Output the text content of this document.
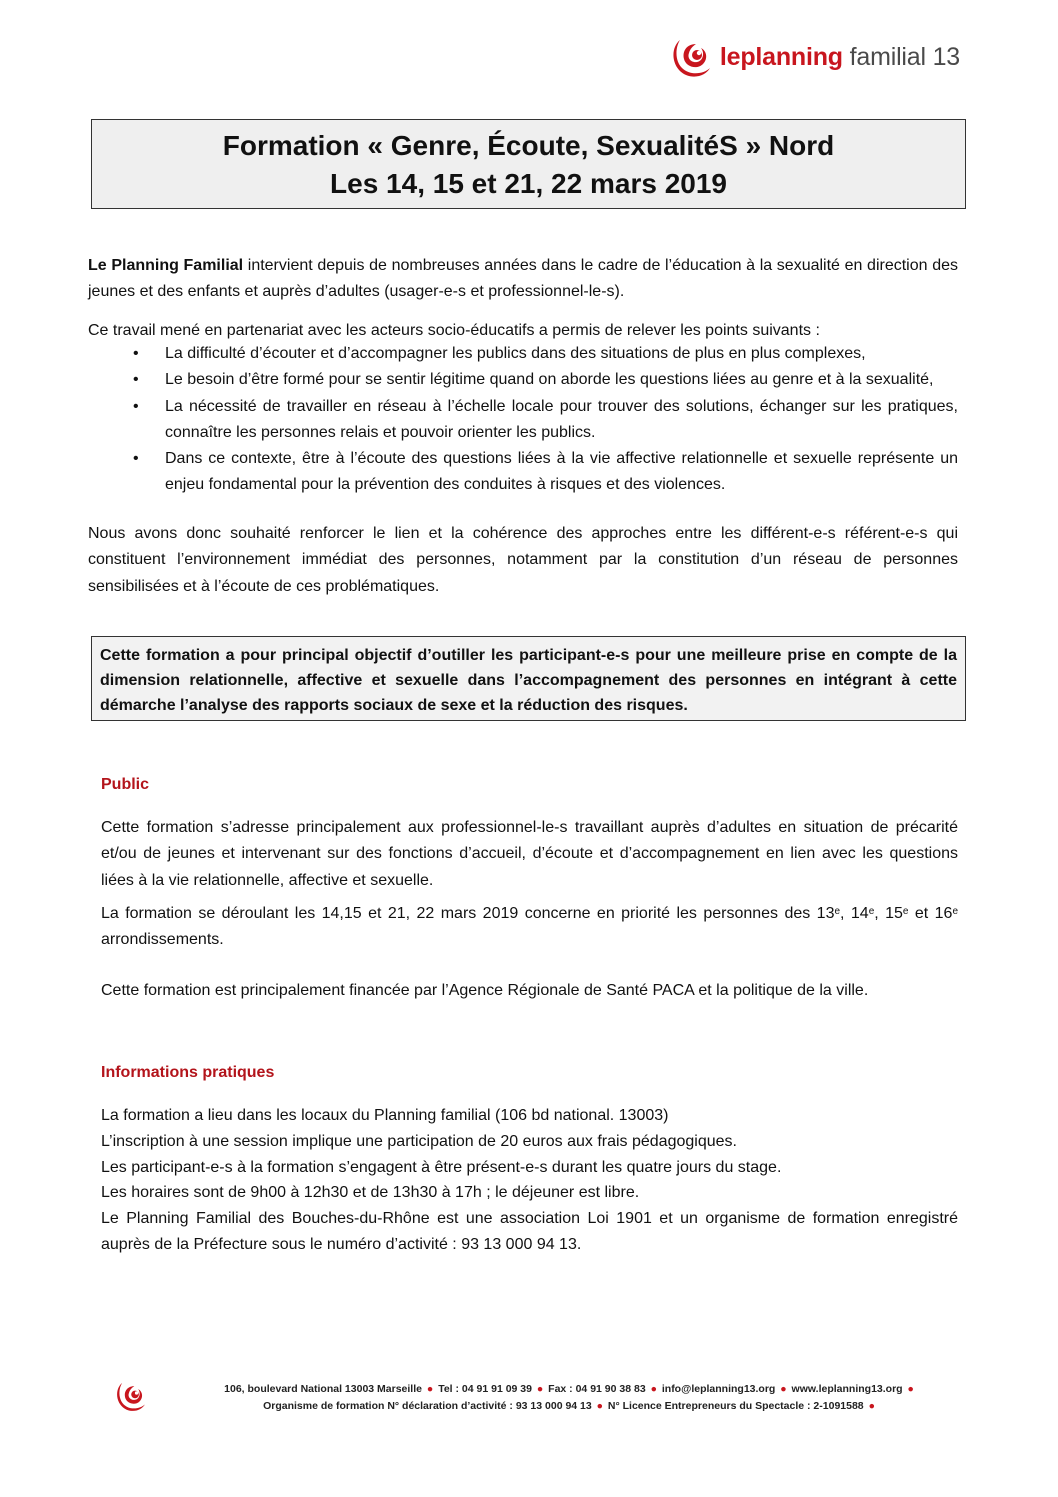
leplanning familial 13
Formation « Genre, Écoute, SexualitéS » Nord
Les 14, 15 et 21, 22 mars 2019

Le Planning Familial intervient depuis de nombreuses années dans le cadre de l’éducation à la sexualité en direction des jeunes et des enfants et auprès d’adultes (usager-e-s et professionnel-le-s).

Ce travail mené en partenariat avec les acteurs socio-éducatifs a permis de relever les points suivants :

• La difficulté d’écouter et d’accompagner les publics dans des situations de plus en plus complexes,
• Le besoin d’être formé pour se sentir légitime quand on aborde les questions liées au genre et à la sexualité,
• La nécessité de travailler en réseau à l’échelle locale pour trouver des solutions, échanger sur les pratiques, connaître les personnes relais et pouvoir orienter les publics.
• Dans ce contexte, être à l’écoute des questions liées à la vie affective relationnelle et sexuelle représente un enjeu fondamental pour la prévention des conduites à risques et des violences.

Nous avons donc souhaité renforcer le lien et la cohérence des approches entre les différent-e-s référent-e-s qui constituent l’environnement immédiat des personnes, notamment par la constitution d’un réseau de personnes sensibilisées et à l’écoute de ces problématiques.

Cette formation a pour principal objectif d’outiller les participant-e-s pour une meilleure prise en compte de la dimension relationnelle, affective et sexuelle dans l’accompagnement des personnes en intégrant à cette démarche l’analyse des rapports sociaux de sexe et la réduction des risques.
Public

Cette formation s’adresse principalement aux professionnel-le-s travaillant auprès d’adultes en situation de précarité et/ou de jeunes et intervenant sur des fonctions d’accueil, d’écoute et d’accompagnement en lien avec les questions liées à la vie relationnelle, affective et sexuelle.

La formation se déroulant les 14,15 et 21, 22 mars 2019 concerne en priorité les personnes des 13e, 14e, 15e et 16e arrondissements.

Cette formation est principalement financée par l’Agence Régionale de Santé PACA et la politique de la ville.

Informations pratiques

La formation a lieu dans les locaux du Planning familial (106 bd national. 13003)

L’inscription à une session implique une participation de 20 euros aux frais pédagogiques.

Les participant-e-s à la formation s’engagent à être présent-e-s durant les quatre jours du stage.

Les horaires sont de 9h00 à 12h30 et de 13h30 à 17h ; le déjeuner est libre.

Le Planning Familial des Bouches-du-Rhône est une association Loi 1901 et un organisme de formation enregistré auprès de la Préfecture sous le numéro d’activité : 93 13 000 94 13.

106, boulevard National 13003 Marseille ● Tel : 04 91 91 09 39 ● Fax : 04 91 90 38 83 ● info@leplanning13.org ● www.leplanning13.org ●
Organisme de formation N° déclaration d’activité : 93 13 000 94 13 ● N° Licence Entrepreneurs du Spectacle : 2-1091588 ●
